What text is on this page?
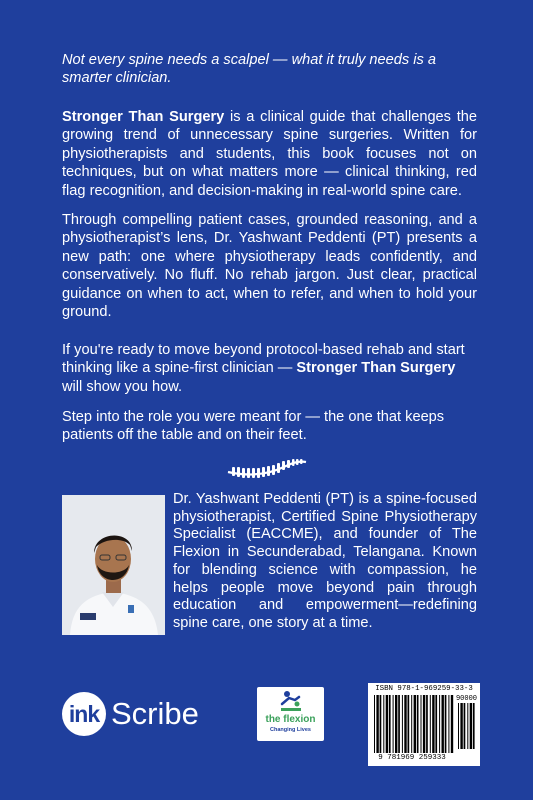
Not every spine needs a scalpel — what it truly needs is a smarter clinician.

Stronger Than Surgery is a clinical guide that challenges the growing trend of unnecessary spine surgeries. Written for physiotherapists and students, this book focuses not on techniques, but on what matters more — clinical thinking, red flag recognition, and decision-making in real-world spine care.

Through compelling patient cases, grounded reasoning, and a physiotherapist’s lens, Dr. Yashwant Peddenti (PT) presents a new path: one where physiotherapy leads confidently, and conservatively. No fluff. No rehab jargon. Just clear, practical guidance on when to act, when to refer, and when to hold your ground.

If you're ready to move beyond protocol-based rehab and start thinking like a spine-first clinician — Stronger Than Surgery will show you how.

Step into the role you were meant for — the one that keeps patients off the table and on their feet.

Dr. Yashwant Peddenti (PT) is a spine-focused physiotherapist, Certified Spine Physiotherapy Specialist (EACCME), and founder of The Flexion in Secunderabad, Telangana. Known for blending science with compassion, he helps people move beyond pain through education and empowerment—redefining spine care, one story at a time.

ink Scribe	the flexion
Changing Lives
ISBN 978-1-969259-33-3
90000
9 781969 259333
